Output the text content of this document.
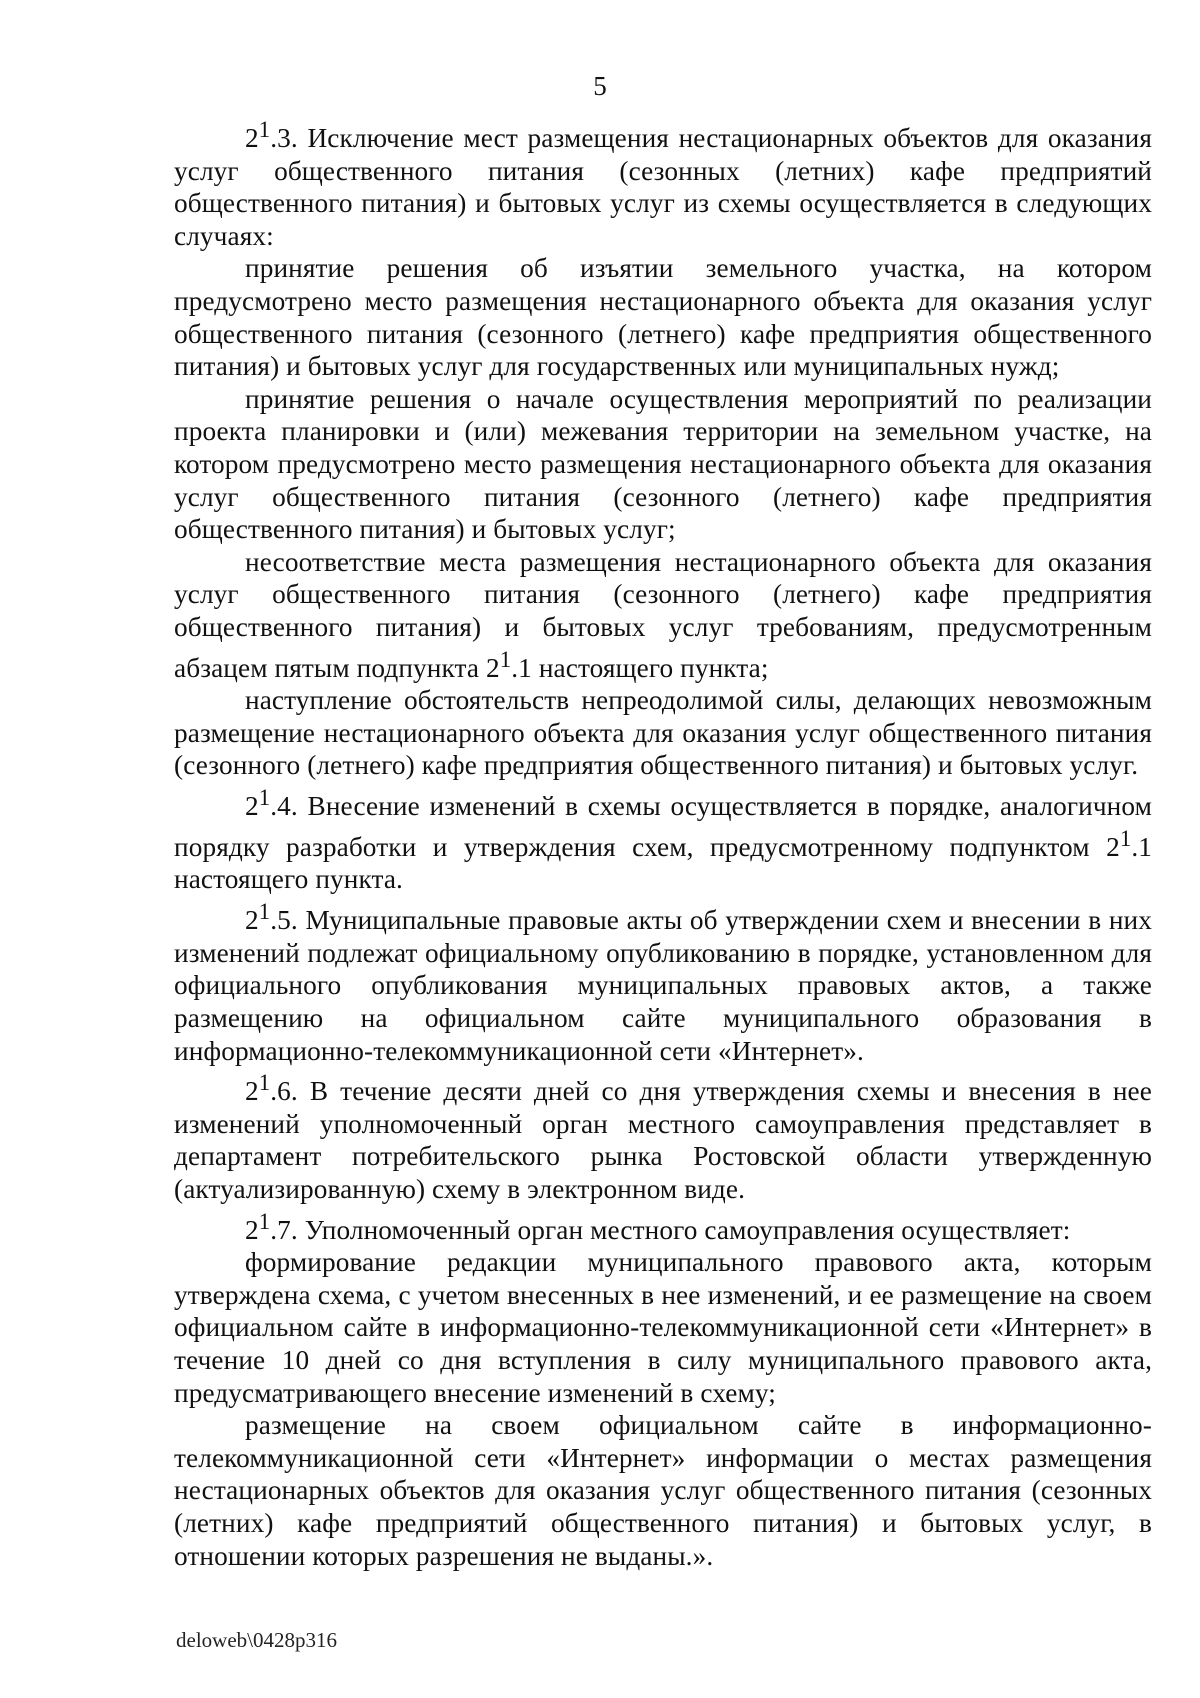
5

$2^1.3$. Исключение мест размещения нестационарных объектов для оказания услуг общественного питания (сезонных (летних) кафе предприятий общественного питания) и бытовых услуг из схемы осуществляется в следующих случаях:

принятие решения об изъятии земельного участка, на котором предусмотрено место размещения нестационарного объекта для оказания услуг общественного питания (сезонного (летнего) кафе предприятия общественного питания) и бытовых услуг для государственных или муниципальных нужд;

принятие решения о начале осуществления мероприятий по реализации проекта планировки и (или) межевания территории на земельном участке, на котором предусмотрено место размещения нестационарного объекта для оказания услуг общественного питания (сезонного (летнего) кафе предприятия общественного питания) и бытовых услуг;

несоответствие места размещения нестационарного объекта для оказания услуг общественного питания (сезонного (летнего) кафе предприятия общественного питания) и бытовых услуг требованиям, предусмотренным абзацем пятым подпункта $2^1.1$ настоящего пункта;

наступление обстоятельств непреодолимой силы, делающих невозможным размещение нестационарного объекта для оказания услуг общественного питания (сезонного (летнего) кафе предприятия общественного питания) и бытовых услуг.

$2^1.4$. Внесение изменений в схемы осуществляется в порядке, аналогичном порядку разработки и утверждения схем, предусмотренному подпунктом $2^1.1$ настоящего пункта.

$2^1.5$. Муниципальные правовые акты об утверждении схем и внесении в них изменений подлежат официальному опубликованию в порядке, установленном для официального опубликования муниципальных правовых актов, а также размещению на официальном сайте муниципального образования в информационно-телекоммуникационной сети «Интернет».

$2^1.6$. В течение десяти дней со дня утверждения схемы и внесения в нее изменений уполномоченный орган местного самоуправления представляет в департамент потребительского рынка Ростовской области утвержденную (актуализированную) схему в электронном виде.

$2^1.7$. Уполномоченный орган местного самоуправления осуществляет:

формирование редакции муниципального правового акта, которым утверждена схема, с учетом внесенных в нее изменений, и ее размещение на своем официальном сайте в информационно-телекоммуникационной сети «Интернет» в течение 10 дней со дня вступления в силу муниципального правового акта, предусматривающего внесение изменений в схему;

размещение на своем официальном сайте в информационно-телекоммуникационной сети «Интернет» информации о местах размещения нестационарных объектов для оказания услуг общественного питания (сезонных (летних) кафе предприятий общественного питания) и бытовых услуг, в отношении которых разрешения не выданы.».

deloweb\0428p316
